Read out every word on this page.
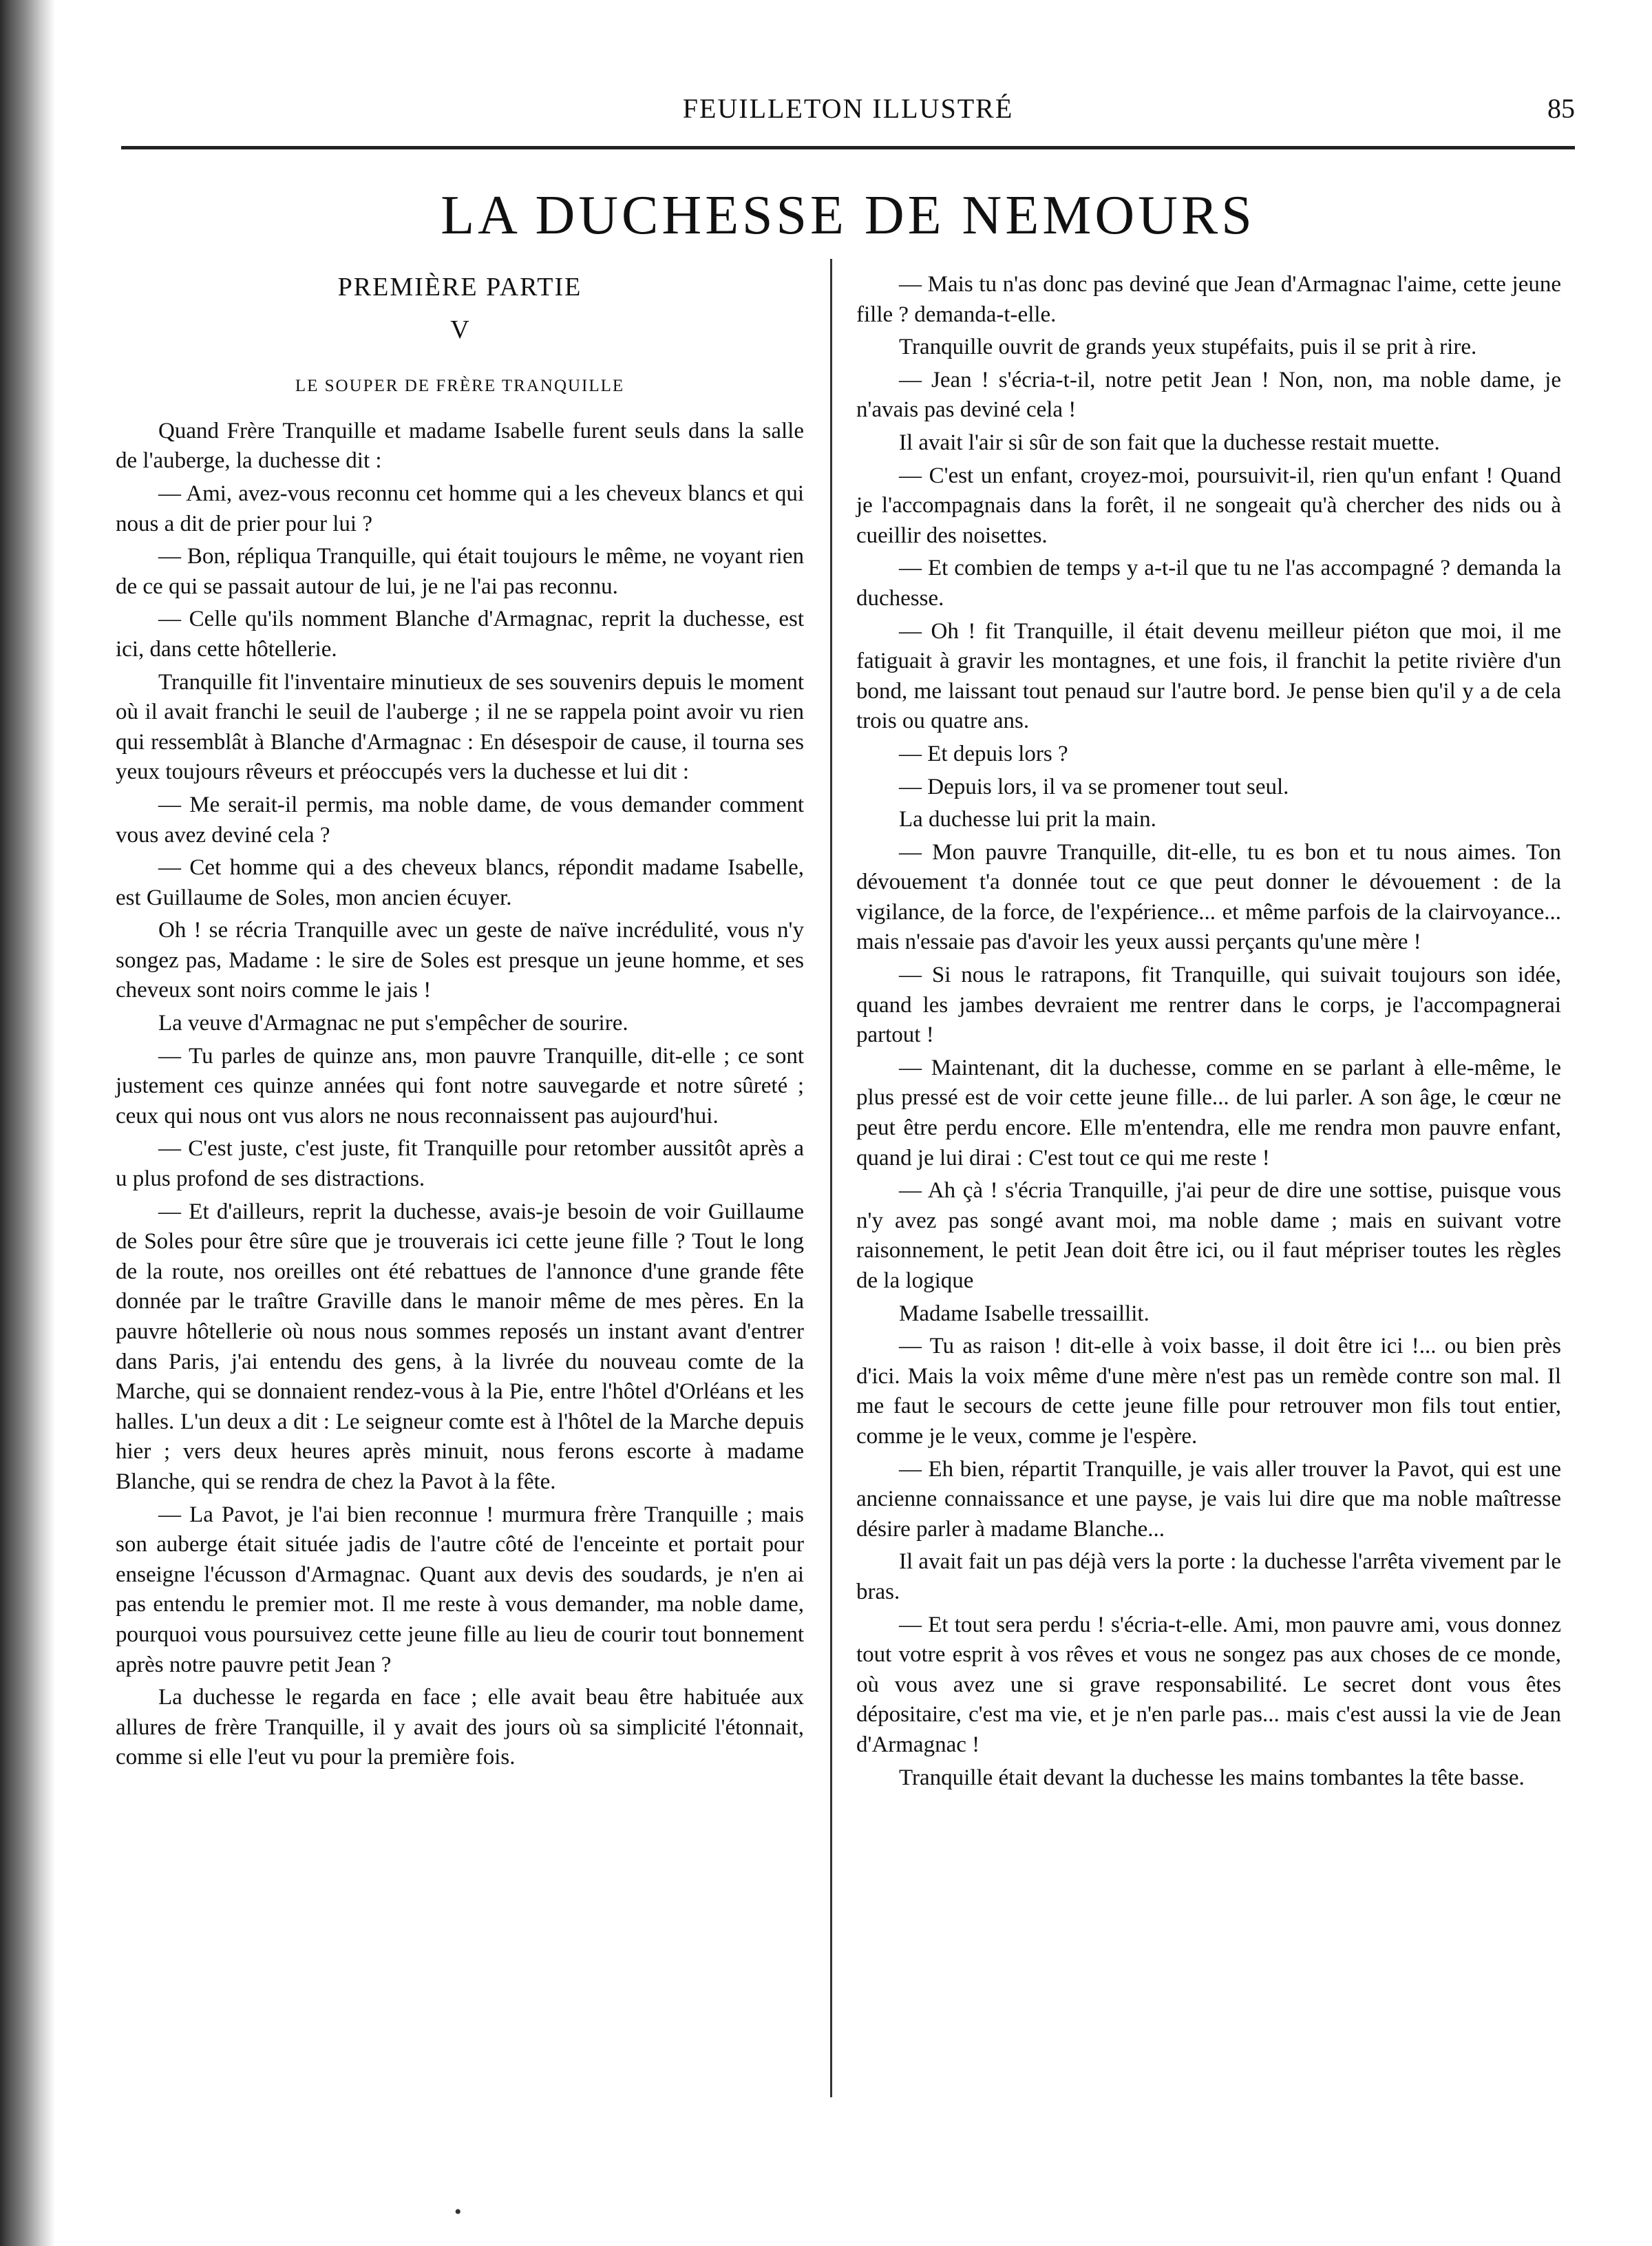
FEUILLETON ILLUSTRÉ	85
LA DUCHESSE DE NEMOURS
PREMIÈRE PARTIE
V
LE SOUPER DE FRÈRE TRANQUILLE

Quand Frère Tranquille et madame Isabelle furent seuls dans la salle de l'auberge, la duchesse dit :

— Ami, avez-vous reconnu cet homme qui a les cheveux blancs et qui nous a dit de prier pour lui ?

— Bon, répliqua Tranquille, qui était toujours le même, ne voyant rien de ce qui se passait autour de lui, je ne l'ai pas reconnu.

— Celle qu'ils nomment Blanche d'Armagnac, reprit la duchesse, est ici, dans cette hôtellerie.

Tranquille fit l'inventaire minutieux de ses souvenirs depuis le moment où il avait franchi le seuil de l'auberge ; il ne se rappela point avoir vu rien qui ressemblât à Blanche d'Armagnac : En désespoir de cause, il tourna ses yeux toujours rêveurs et préoccupés vers la duchesse et lui dit :

— Me serait-il permis, ma noble dame, de vous demander comment vous avez deviné cela ?

— Cet homme qui a des cheveux blancs, répondit madame Isabelle, est Guillaume de Soles, mon ancien écuyer.

Oh ! se récria Tranquille avec un geste de naïve incrédulité, vous n'y songez pas, Madame : le sire de Soles est presque un jeune homme, et ses cheveux sont noirs comme le jais !

La veuve d'Armagnac ne put s'empêcher de sourire.

— Tu parles de quinze ans, mon pauvre Tranquille, dit-elle ; ce sont justement ces quinze années qui font notre sauvegarde et notre sûreté ; ceux qui nous ont vus alors ne nous reconnaissent pas aujourd'hui.

— C'est juste, c'est juste, fit Tranquille pour retomber aussitôt après a u plus profond de ses distractions.

— Et d'ailleurs, reprit la duchesse, avais-je besoin de voir Guillaume de Soles pour être sûre que je trouverais ici cette jeune fille ? Tout le long de la route, nos oreilles ont été rebattues de l'annonce d'une grande fête donnée par le traître Graville dans le manoir même de mes pères. En la pauvre hôtellerie où nous nous sommes reposés un instant avant d'entrer dans Paris, j'ai entendu des gens, à la livrée du nouveau comte de la Marche, qui se donnaient rendez-vous à la Pie, entre l'hôtel d'Orléans et les halles. L'un deux a dit : Le seigneur comte est à l'hôtel de la Marche depuis hier ; vers deux heures après minuit, nous ferons escorte à madame Blanche, qui se rendra de chez la Pavot à la fête.

— La Pavot, je l'ai bien reconnue ! murmura frère Tranquille ; mais son auberge était située jadis de l'autre côté de l'enceinte et portait pour enseigne l'écusson d'Armagnac. Quant aux devis des soudards, je n'en ai pas entendu le premier mot. Il me reste à vous demander, ma noble dame, pourquoi vous poursuivez cette jeune fille au lieu de courir tout bonnement après notre pauvre petit Jean ?

La duchesse le regarda en face ; elle avait beau être habituée aux allures de frère Tranquille, il y avait des jours où sa simplicité l'étonnait, comme si elle l'eut vu pour la première fois.

— Mais tu n'as donc pas deviné que Jean d'Armagnac l'aime, cette jeune fille ? demanda-t-elle.

Tranquille ouvrit de grands yeux stupéfaits, puis il se prit à rire.

— Jean ! s'écria-t-il, notre petit Jean ! Non, non, ma noble dame, je n'avais pas deviné cela !

Il avait l'air si sûr de son fait que la duchesse restait muette.

— C'est un enfant, croyez-moi, poursuivit-il, rien qu'un enfant ! Quand je l'accompagnais dans la forêt, il ne songeait qu'à chercher des nids ou à cueillir des noisettes.

— Et combien de temps y a-t-il que tu ne l'as accompagné ? demanda la duchesse.

— Oh ! fit Tranquille, il était devenu meilleur piéton que moi, il me fatiguait à gravir les montagnes, et une fois, il franchit la petite rivière d'un bond, me laissant tout penaud sur l'autre bord. Je pense bien qu'il y a de cela trois ou quatre ans.

— Et depuis lors ?

— Depuis lors, il va se promener tout seul.

La duchesse lui prit la main.

— Mon pauvre Tranquille, dit-elle, tu es bon et tu nous aimes. Ton dévouement t'a donnée tout ce que peut donner le dévouement : de la vigilance, de la force, de l'expérience... et même parfois de la clairvoyance... mais n'essaie pas d'avoir les yeux aussi perçants qu'une mère !

— Si nous le ratrapons, fit Tranquille, qui suivait toujours son idée, quand les jambes devraient me rentrer dans le corps, je l'accompagnerai partout !

— Maintenant, dit la duchesse, comme en se parlant à elle-même, le plus pressé est de voir cette jeune fille... de lui parler. A son âge, le cœur ne peut être perdu encore. Elle m'entendra, elle me rendra mon pauvre enfant, quand je lui dirai : C'est tout ce qui me reste !

— Ah çà ! s'écria Tranquille, j'ai peur de dire une sottise, puisque vous n'y avez pas songé avant moi, ma noble dame ; mais en suivant votre raisonnement, le petit Jean doit être ici, ou il faut mépriser toutes les règles de la logique

Madame Isabelle tressaillit.

— Tu as raison ! dit-elle à voix basse, il doit être ici !... ou bien près d'ici. Mais la voix même d'une mère n'est pas un remède contre son mal. Il me faut le secours de cette jeune fille pour retrouver mon fils tout entier, comme je le veux, comme je l'espère.

— Eh bien, répartit Tranquille, je vais aller trouver la Pavot, qui est une ancienne connaissance et une payse, je vais lui dire que ma noble maîtresse désire parler à madame Blanche...

Il avait fait un pas déjà vers la porte : la duchesse l'arrêta vivement par le bras.

— Et tout sera perdu ! s'écria-t-elle. Ami, mon pauvre ami, vous donnez tout votre esprit à vos rêves et vous ne songez pas aux choses de ce monde, où vous avez une si grave responsabilité. Le secret dont vous êtes dépositaire, c'est ma vie, et je n'en parle pas... mais c'est aussi la vie de Jean d'Armagnac !

Tranquille était devant la duchesse les mains tombantes la tête basse.

•
